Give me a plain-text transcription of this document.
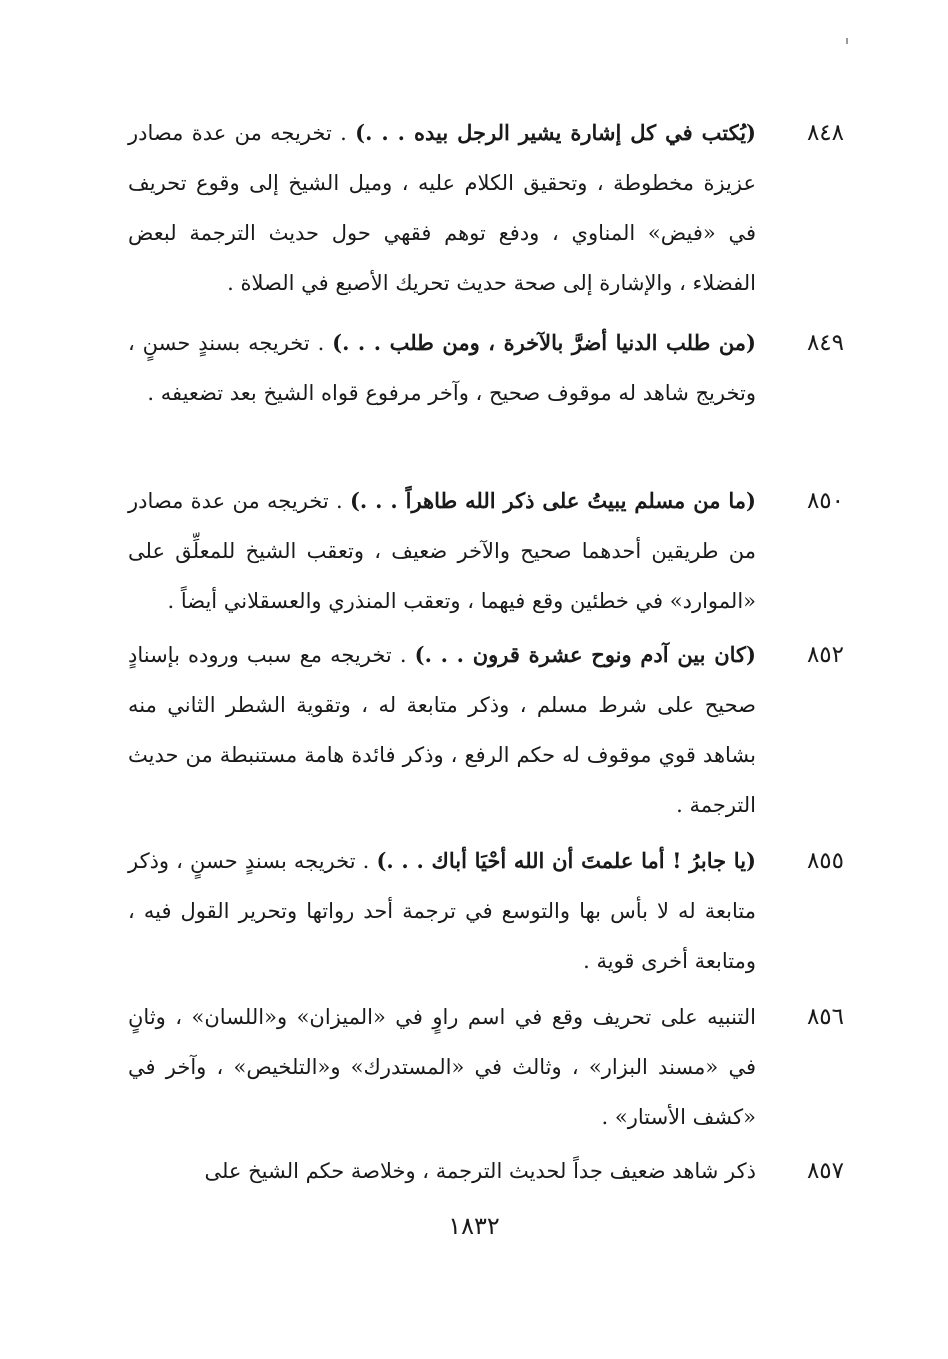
٨٤٨
(يُكتب في كل إشارة يشير الرجل بيده . . .) . تخريجه من عدة مصادر عزيزة مخطوطة ، وتحقيق الكلام عليه ، وميل الشيخ إلى وقوع تحريف في «فيض» المناوي ، ودفع توهم فقهي حول حديث الترجمة لبعض الفضلاء ، والإشارة إلى صحة حديث تحريك الأصبع في الصلاة .
٨٤٩
(من طلب الدنيا أضرَّ بالآخرة ، ومن طلب . . .) . تخريجه بسندٍ حسنٍ ، وتخريج شاهد له موقوف صحيح ، وآخر مرفوع قواه الشيخ بعد تضعيفه .
٨٥٠
(ما من مسلم يبيتُ على ذكر الله طاهراً . . .) . تخريجه من عدة مصادر من طريقين أحدهما صحيح والآخر ضعيف ، وتعقب الشيخ للمعلِّق على «الموارد» في خطئين وقع فيهما ، وتعقب المنذري والعسقلاني أيضاً .
٨٥٢
(كان بين آدم ونوح عشرة قرون . . .) . تخريجه مع سبب وروده بإسنادٍ صحيح على شرط مسلم ، وذكر متابعة له ، وتقوية الشطر الثاني منه بشاهد قوي موقوف له حكم الرفع ، وذكر فائدة هامة مستنبطة من حديث الترجمة .
٨٥٥
(يا جابرُ ! أما علمتَ أن الله أحْيَا أباك . . .) . تخريجه بسندٍ حسنٍ ، وذكر متابعة له لا بأس بها والتوسع في ترجمة أحد رواتها وتحرير القول فيه ، ومتابعة أخرى قوية .
٨٥٦
التنبيه على تحريف وقع في اسم راوٍ في «الميزان» و«اللسان» ، وثانٍ في «مسند البزار» ، وثالث في «المستدرك» و«التلخيص» ، وآخر في «كشف الأستار» .
٨٥٧
ذكر شاهد ضعيف جداً لحديث الترجمة ، وخلاصة حكم الشيخ على
١٨٣٢
